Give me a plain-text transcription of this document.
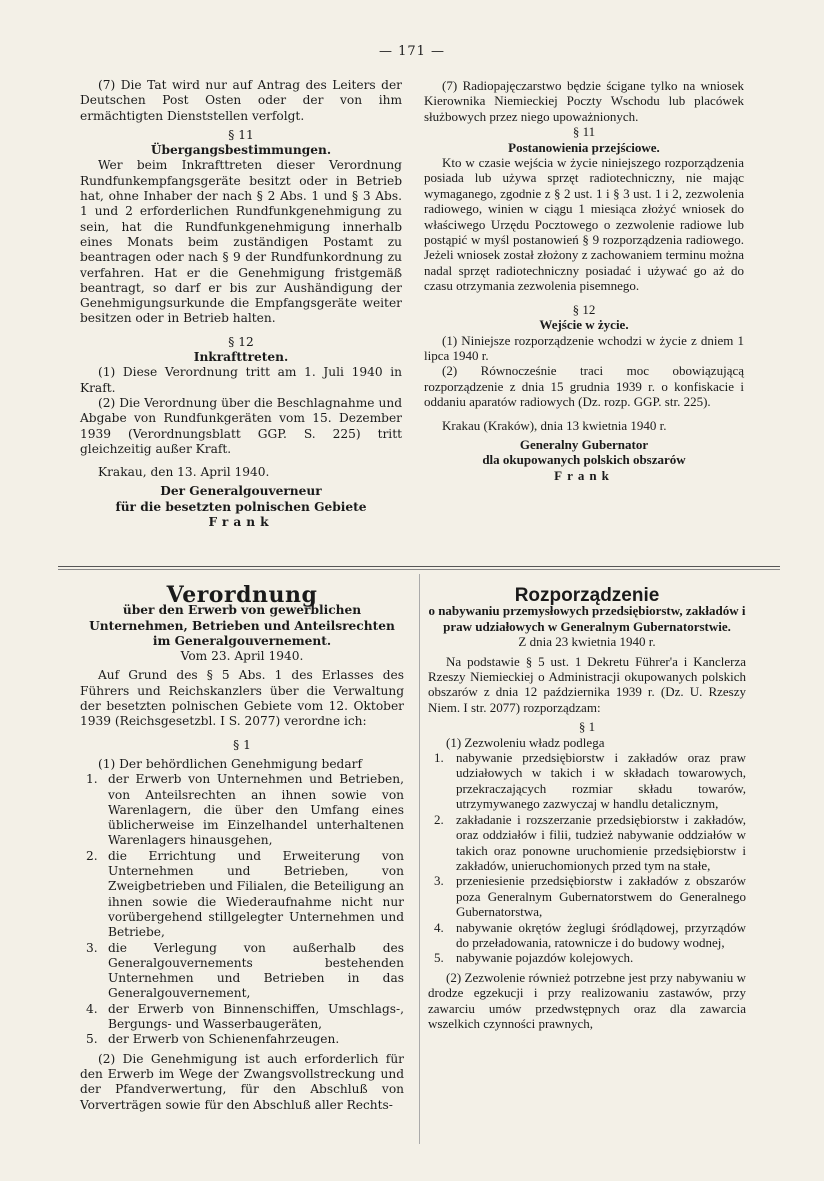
— 171 —

(7) Die Tat wird nur auf Antrag des Leiters der Deutschen Post Osten oder der von ihm ermächtigten Dienststellen verfolgt.

§ 11

Übergangsbestimmungen.

Wer beim Inkrafttreten dieser Verordnung Rundfunkempfangsgeräte besitzt oder in Betrieb hat, ohne Inhaber der nach § 2 Abs. 1 und § 3 Abs. 1 und 2 erforderlichen Rundfunkgenehmigung zu sein, hat die Rundfunkgenehmigung innerhalb eines Monats beim zuständigen Postamt zu beantragen oder nach § 9 der Rundfunkordnung zu verfahren. Hat er die Genehmigung fristgemäß beantragt, so darf er bis zur Aushändigung der Genehmigungsurkunde die Empfangsgeräte weiter besitzen oder in Betrieb halten.

§ 12

Inkrafttreten.

(1) Diese Verordnung tritt am 1. Juli 1940 in Kraft.

(2) Die Verordnung über die Beschlagnahme und Abgabe von Rundfunkgeräten vom 15. Dezember 1939 (Verordnungsblatt GGP. S. 225) tritt gleichzeitig außer Kraft.

Krakau, den 13. April 1940.

Der Generalgouverneur

für die besetzten polnischen Gebiete

Frank

(7) Radiopajęczarstwo będzie ścigane tylko na wniosek Kierownika Niemieckiej Poczty Wschodu lub placówek służbowych przez niego upoważnionych.

§ 11

Postanowienia przejściowe.

Kto w czasie wejścia w życie niniejszego rozporządzenia posiada lub używa sprzęt radiotechniczny, nie mając wymaganego, zgodnie z § 2 ust. 1 i § 3 ust. 1 i 2, zezwolenia radiowego, winien w ciągu 1 miesiąca złożyć wniosek do właściwego Urzędu Pocztowego o zezwolenie radiowe lub postąpić w myśl postanowień § 9 rozporządzenia radiowego. Jeżeli wniosek został złożony z zachowaniem terminu można nadal sprzęt radiotechniczny posiadać i używać go aż do czasu otrzymania zezwolenia pisemnego.

§ 12

Wejście w życie.

(1) Niniejsze rozporządzenie wchodzi w życie z dniem 1 lipca 1940 r.

(2) Równocześnie traci moc obowiązującą rozporządzenie z dnia 15 grudnia 1939 r. o konfiskacie i oddaniu aparatów radiowych (Dz. rozp. GGP. str. 225).

Krakau (Kraków), dnia 13 kwietnia 1940 r.

Generalny Gubernator

dla okupowanych polskich obszarów

Frank

Verordnung

über den Erwerb von gewerblichen Unternehmen, Betrieben und Anteilsrechten im Generalgouvernement.

Vom 23. April 1940.

Auf Grund des § 5 Abs. 1 des Erlasses des Führers und Reichskanzlers über die Verwaltung der besetzten polnischen Gebiete vom 12. Oktober 1939 (Reichsgesetzbl. I S. 2077) verordne ich:

§ 1

(1) Der behördlichen Genehmigung bedarf

1. der Erwerb von Unternehmen und Betrieben, von Anteilsrechten an ihnen sowie von Warenlagern, die über den Umfang eines üblicherweise im Einzelhandel unterhaltenen Warenlagers hinausgehen,
2. die Errichtung und Erweiterung von Unternehmen und Betrieben, von Zweigbetrieben und Filialen, die Beteiligung an ihnen sowie die Wiederaufnahme nicht nur vorübergehend stillgelegter Unternehmen und Betriebe,
3. die Verlegung von außerhalb des Generalgouvernements bestehenden Unternehmen und Betrieben in das Generalgouvernement,
4. der Erwerb von Binnenschiffen, Umschlags-, Bergungs- und Wasserbaugeräten,
5. der Erwerb von Schienenfahrzeugen.

(2) Die Genehmigung ist auch erforderlich für den Erwerb im Wege der Zwangsvollstreckung und der Pfandverwertung, für den Abschluß von Vorverträgen sowie für den Abschluß aller Rechts-

Rozporządzenie

o nabywaniu przemysłowych przedsiębiorstw, zakładów i praw udziałowych w Generalnym Gubernatorstwie.

Z dnia 23 kwietnia 1940 r.

Na podstawie § 5 ust. 1 Dekretu Führer'a i Kanclerza Rzeszy Niemieckiej o Administracji okupowanych polskich obszarów z dnia 12 października 1939 r. (Dz. U. Rzeszy Niem. I str. 2077) rozporządzam:

§ 1

(1) Zezwoleniu władz podlega

1. nabywanie przedsiębiorstw i zakładów oraz praw udziałowych w takich i w składach towarowych, przekraczających rozmiar składu towarów, utrzymywanego zazwyczaj w handlu detalicznym,
2. zakładanie i rozszerzanie przedsiębiorstw i zakładów, oraz oddziałów i filii, tudzież nabywanie oddziałów w takich oraz ponowne uruchomienie przedsiębiorstw i zakładów, unieruchomionych przed tym na stałe,
3. przeniesienie przedsiębiorstw i zakładów z obszarów poza Generalnym Gubernatorstwem do Generalnego Gubernatorstwa,
4. nabywanie okrętów żeglugi śródlądowej, przyrządów do przeładowania, ratownicze i do budowy wodnej,
5. nabywanie pojazdów kolejowych.

(2) Zezwolenie również potrzebne jest przy nabywaniu w drodze egzekucji i przy realizowaniu zastawów, przy zawarciu umów przedwstępnych oraz dla zawarcia wszelkich czynności prawnych,
